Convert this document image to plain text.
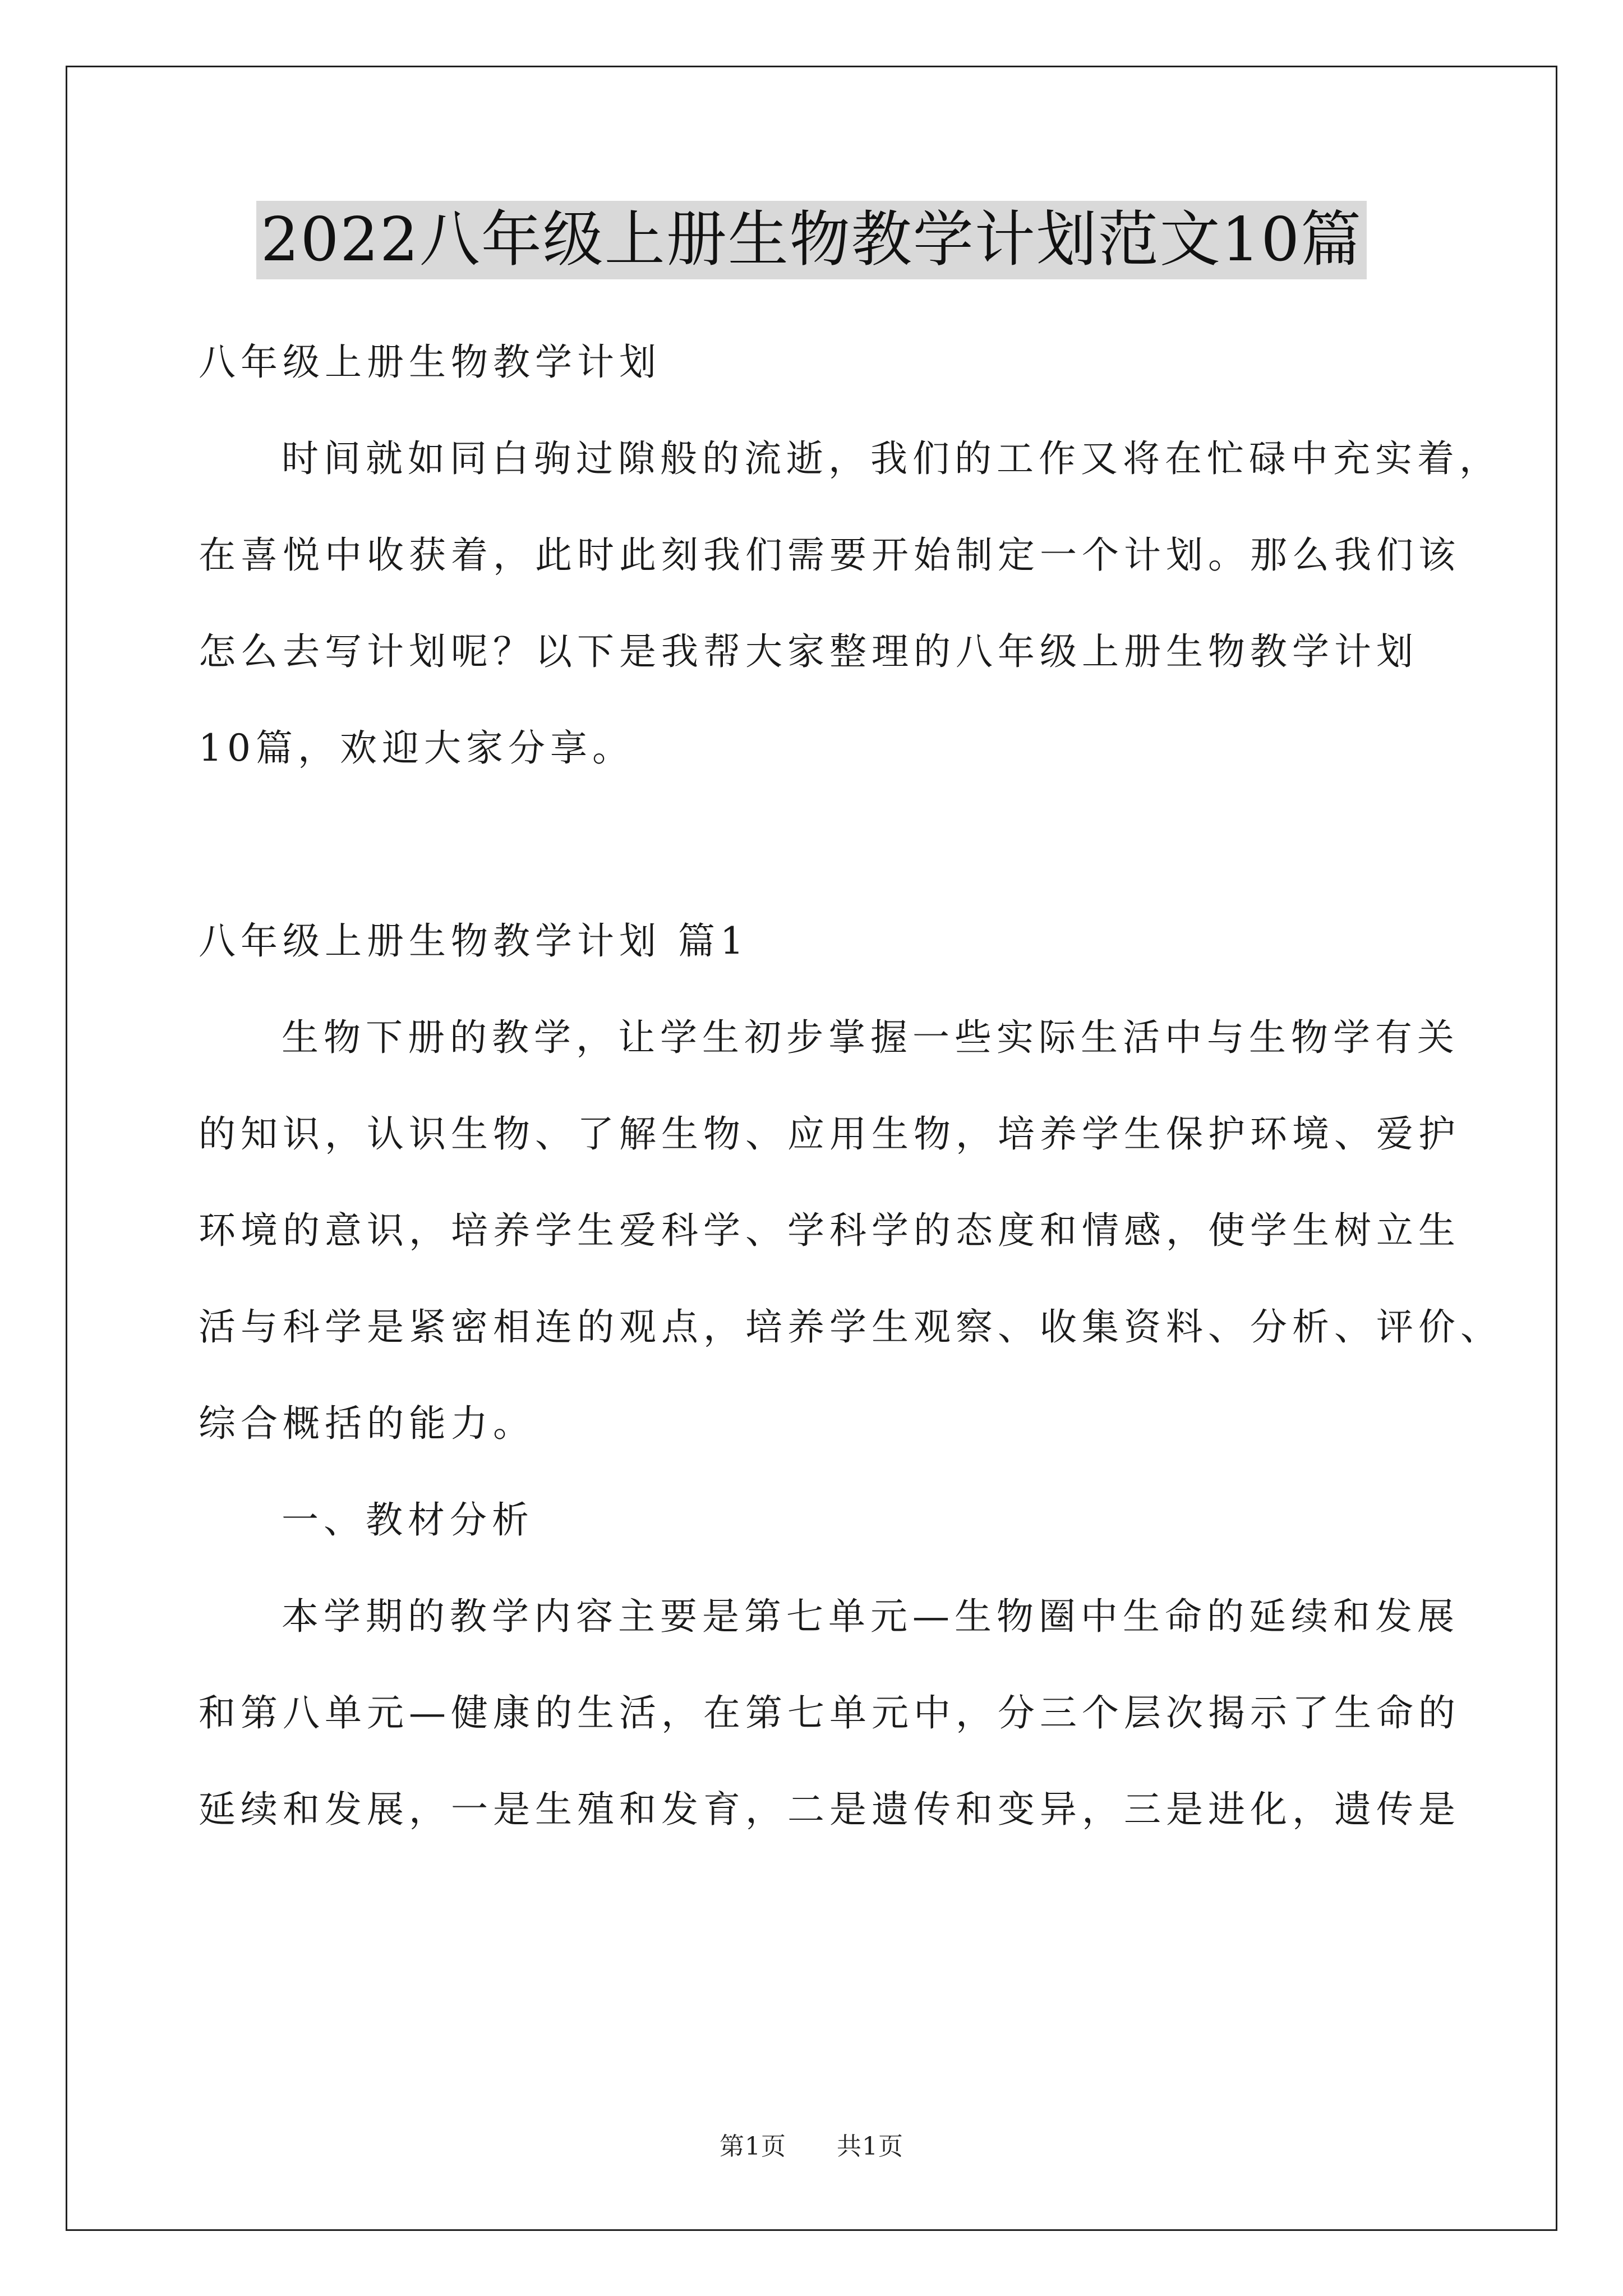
2022八年级上册生物教学计划范文10篇

八年级上册生物教学计划

时间就如同白驹过隙般的流逝，我们的工作又将在忙碌中充实着，

在喜悦中收获着，此时此刻我们需要开始制定一个计划。那么我们该

怎么去写计划呢？以下是我帮大家整理的八年级上册生物教学计划

10篇，欢迎大家分享。

八年级上册生物教学计划 篇1

生物下册的教学，让学生初步掌握一些实际生活中与生物学有关

的知识，认识生物、了解生物、应用生物，培养学生保护环境、爱护

环境的意识，培养学生爱科学、学科学的态度和情感，使学生树立生

活与科学是紧密相连的观点，培养学生观察、收集资料、分析、评价、

综合概括的能力。

一、教材分析

本学期的教学内容主要是第七单元—生物圈中生命的延续和发展

和第八单元—健康的生活，在第七单元中，分三个层次揭示了生命的

延续和发展，一是生殖和发育，二是遗传和变异，三是进化，遗传是

第1页 共1页
